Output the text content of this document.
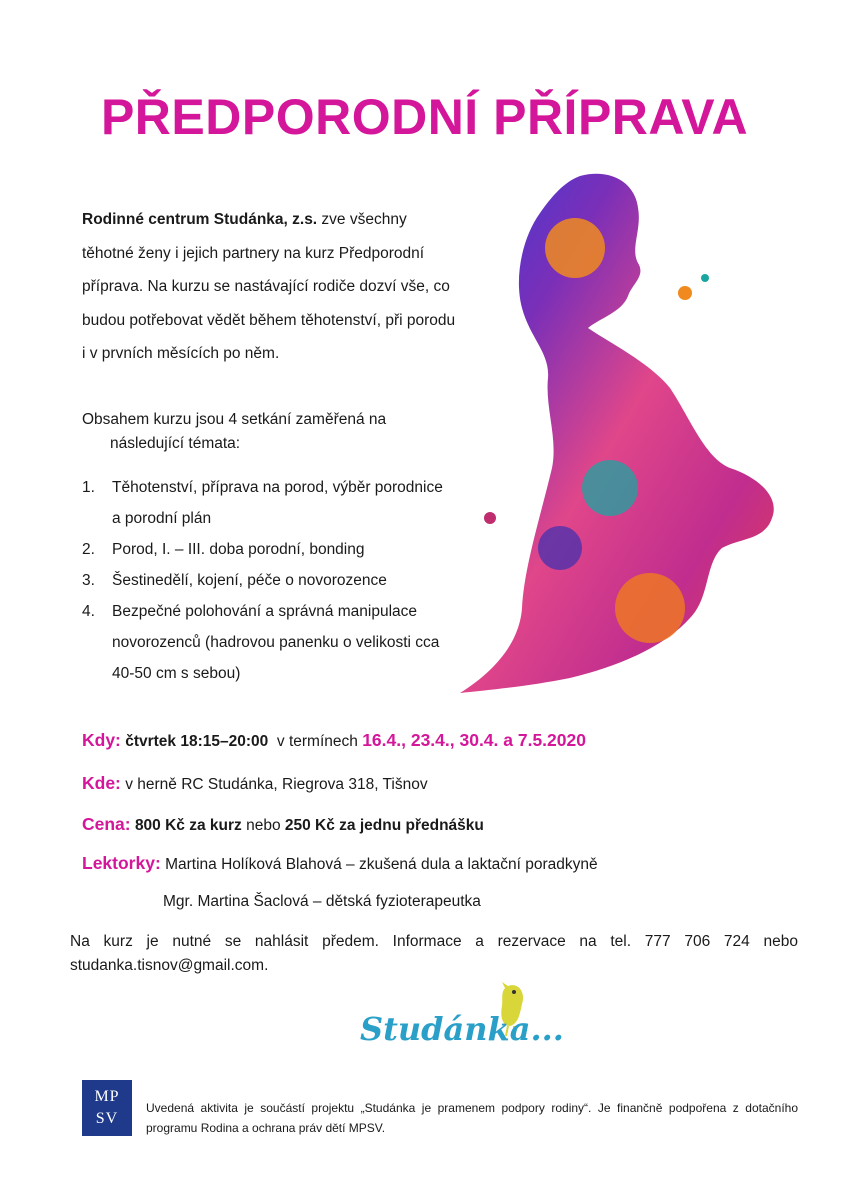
PŘEDPORODNÍ PŘÍPRAVA
Rodinné centrum Studánka, z.s. zve všechny těhotné ženy i jejich partnery na kurz Předporodní příprava. Na kurzu se nastávající rodiče dozví vše, co budou potřebovat vědět během těhotenství, při porodu i v prvních měsících po něm.
Obsahem kurzu jsou 4 setkání zaměřená na
následující témata:
1. Těhotenství, příprava na porod, výběr porodnice a porodní plán
2. Porod, I. – III. doba porodní, bonding
3. Šestinedělí, kojení, péče o novorozence
4. Bezpečné polohování a správná manipulace novorozenců (hadrovou panenku o velikosti cca 40-50 cm s sebou)
Kdy: čtvrtek 18:15–20:00 v termínech 16.4., 23.4., 30.4. a 7.5.2020
Kde: v herně RC Studánka, Riegrova 318, Tišnov
Cena: 800 Kč za kurz nebo 250 Kč za jednu přednášku
Lektorky: Martina Holíková Blahová – zkušená dula a laktační poradkyně
Mgr. Martina Šaclová – dětská fyzioterapeutka
Na kurz je nutné se nahlásit předem. Informace a rezervace na tel. 777 706 724 nebo studanka.tisnov@gmail.com.
Studánka...
MP
SV
Uvedená aktivita je součástí projektu „Studánka je pramenem podpory rodiny“. Je finančně podpořena z dotačního programu Rodina a ochrana práv dětí MPSV.
